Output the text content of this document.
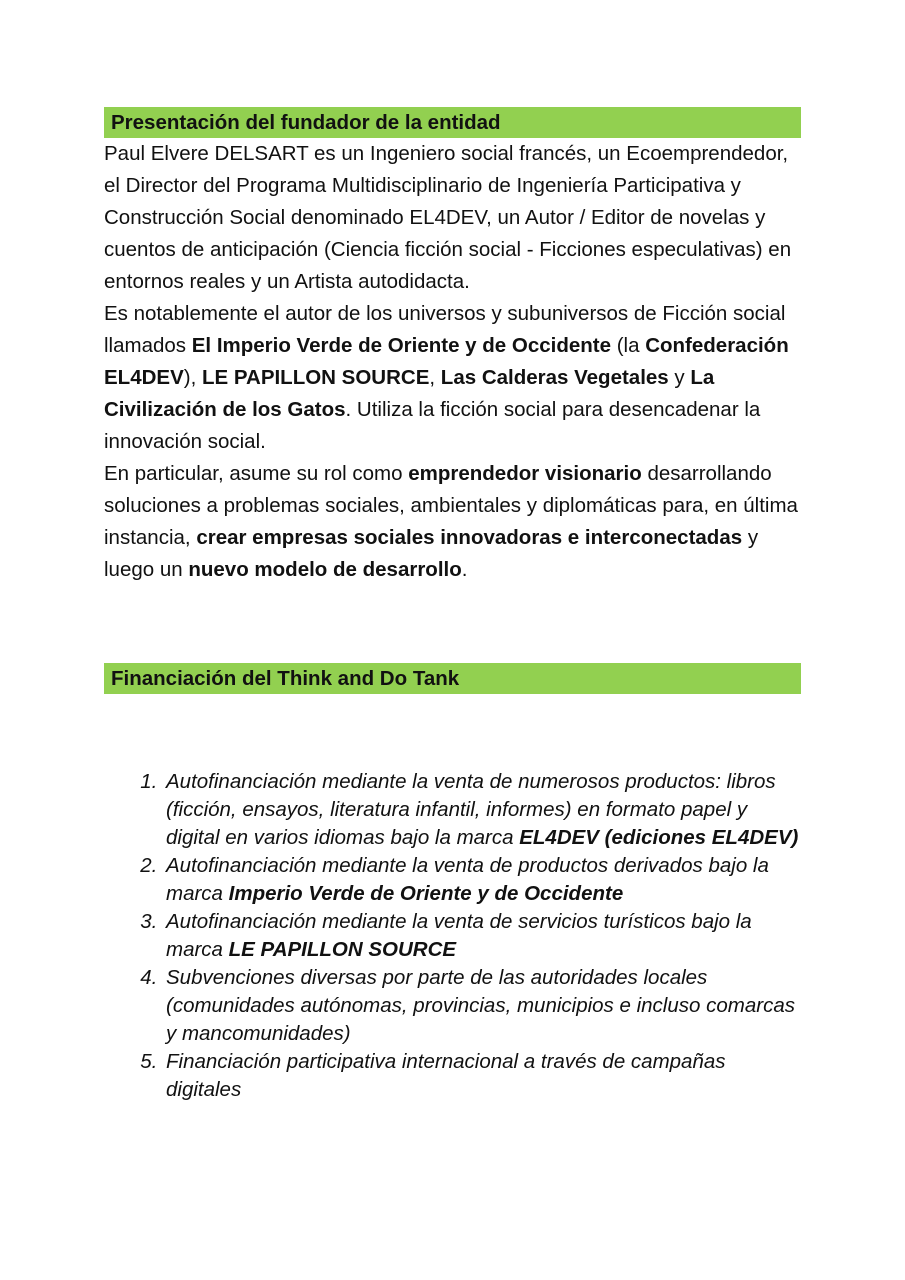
Presentación del fundador de la entidad

Paul Elvere DELSART es un Ingeniero social francés, un Ecoemprendedor, el Director del Programa Multidisciplinario de Ingeniería Participativa y Construcción Social denominado EL4DEV, un Autor / Editor de novelas y cuentos de anticipación (Ciencia ficción social - Ficciones especulativas) en entornos reales y un Artista autodidacta.

Es notablemente el autor de los universos y subuniversos de Ficción social llamados El Imperio Verde de Oriente y de Occidente (la Confederación EL4DEV), LE PAPILLON SOURCE, Las Calderas Vegetales y La Civilización de los Gatos. Utiliza la ficción social para desencadenar la innovación social.

En particular, asume su rol como emprendedor visionario desarrollando soluciones a problemas sociales, ambientales y diplomáticas para, en última instancia, crear empresas sociales innovadoras e interconectadas y luego un nuevo modelo de desarrollo.

Financiación del Think and Do Tank
1. Autofinanciación mediante la venta de numerosos productos: libros (ficción, ensayos, literatura infantil, informes) en formato papel y digital en varios idiomas bajo la marca EL4DEV (ediciones EL4DEV)
2. Autofinanciación mediante la venta de productos derivados bajo la marca Imperio Verde de Oriente y de Occidente
3. Autofinanciación mediante la venta de servicios turísticos bajo la marca LE PAPILLON SOURCE
4. Subvenciones diversas por parte de las autoridades locales (comunidades autónomas, provincias, municipios e incluso comarcas y mancomunidades)
5. Financiación participativa internacional a través de campañas digitales
